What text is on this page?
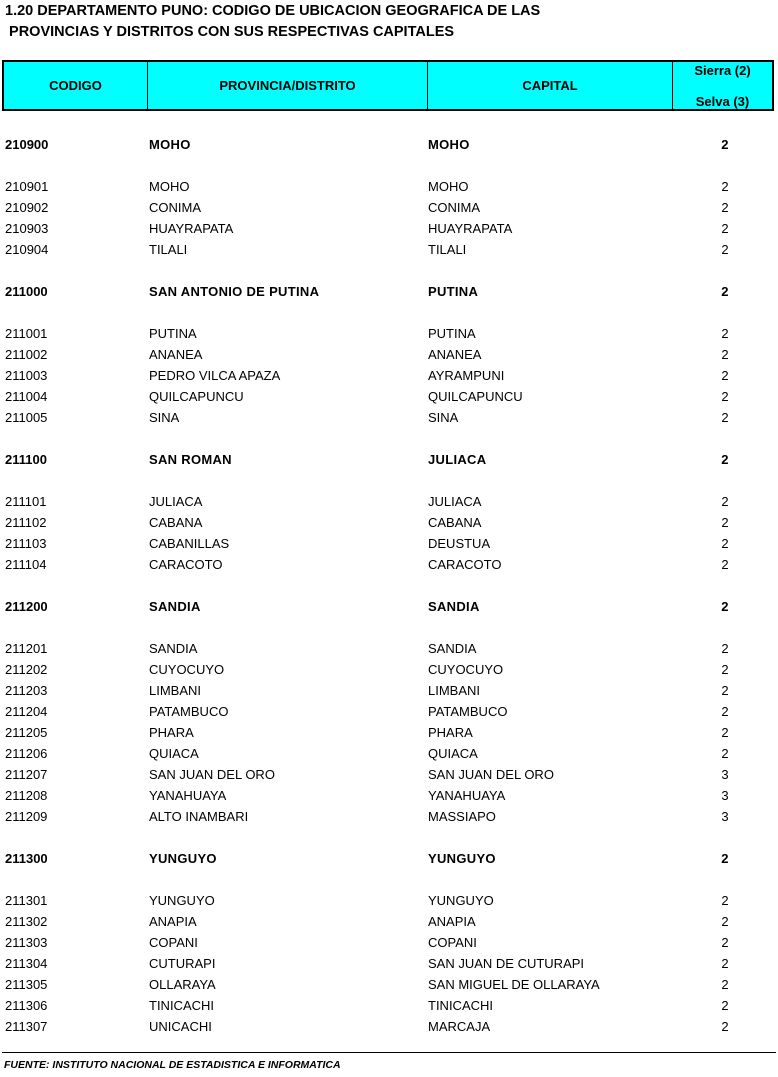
1.20 DEPARTAMENTO PUNO: CODIGO DE UBICACION GEOGRAFICA DE LAS
PROVINCIAS Y DISTRITOS CON SUS RESPECTIVAS CAPITALES
CODIGO	PROVINCIA/DISTRITO	CAPITAL
Sierra (2)
Selva (3)
210900	MOHO	MOHO	2
210901	MOHO	MOHO	2
210902	CONIMA	CONIMA	2
210903	HUAYRAPATA	HUAYRAPATA	2
210904	TILALI	TILALI	2
211000	SAN ANTONIO DE PUTINA	PUTINA	2
211001	PUTINA	PUTINA	2
211002	ANANEA	ANANEA	2
211003	PEDRO VILCA APAZA	AYRAMPUNI	2
211004	QUILCAPUNCU	QUILCAPUNCU	2
211005	SINA	SINA	2
211100	SAN ROMAN	JULIACA	2
211101	JULIACA	JULIACA	2
211102	CABANA	CABANA	2
211103	CABANILLAS	DEUSTUA	2
211104	CARACOTO	CARACOTO	2
211200	SANDIA	SANDIA	2
211201	SANDIA	SANDIA	2
211202	CUYOCUYO	CUYOCUYO	2
211203	LIMBANI	LIMBANI	2
211204	PATAMBUCO	PATAMBUCO	2
211205	PHARA	PHARA	2
211206	QUIACA	QUIACA	2
211207	SAN JUAN DEL ORO	SAN JUAN DEL ORO	3
211208	YANAHUAYA	YANAHUAYA	3
211209	ALTO INAMBARI	MASSIAPO	3
211300	YUNGUYO	YUNGUYO	2
211301	YUNGUYO	YUNGUYO	2
211302	ANAPIA	ANAPIA	2
211303	COPANI	COPANI	2
211304	CUTURAPI	SAN JUAN DE CUTURAPI	2
211305	OLLARAYA	SAN MIGUEL DE OLLARAYA	2
211306	TINICACHI	TINICACHI	2
211307	UNICACHI	MARCAJA	2
FUENTE: INSTITUTO NACIONAL DE ESTADISTICA E INFORMATICA
